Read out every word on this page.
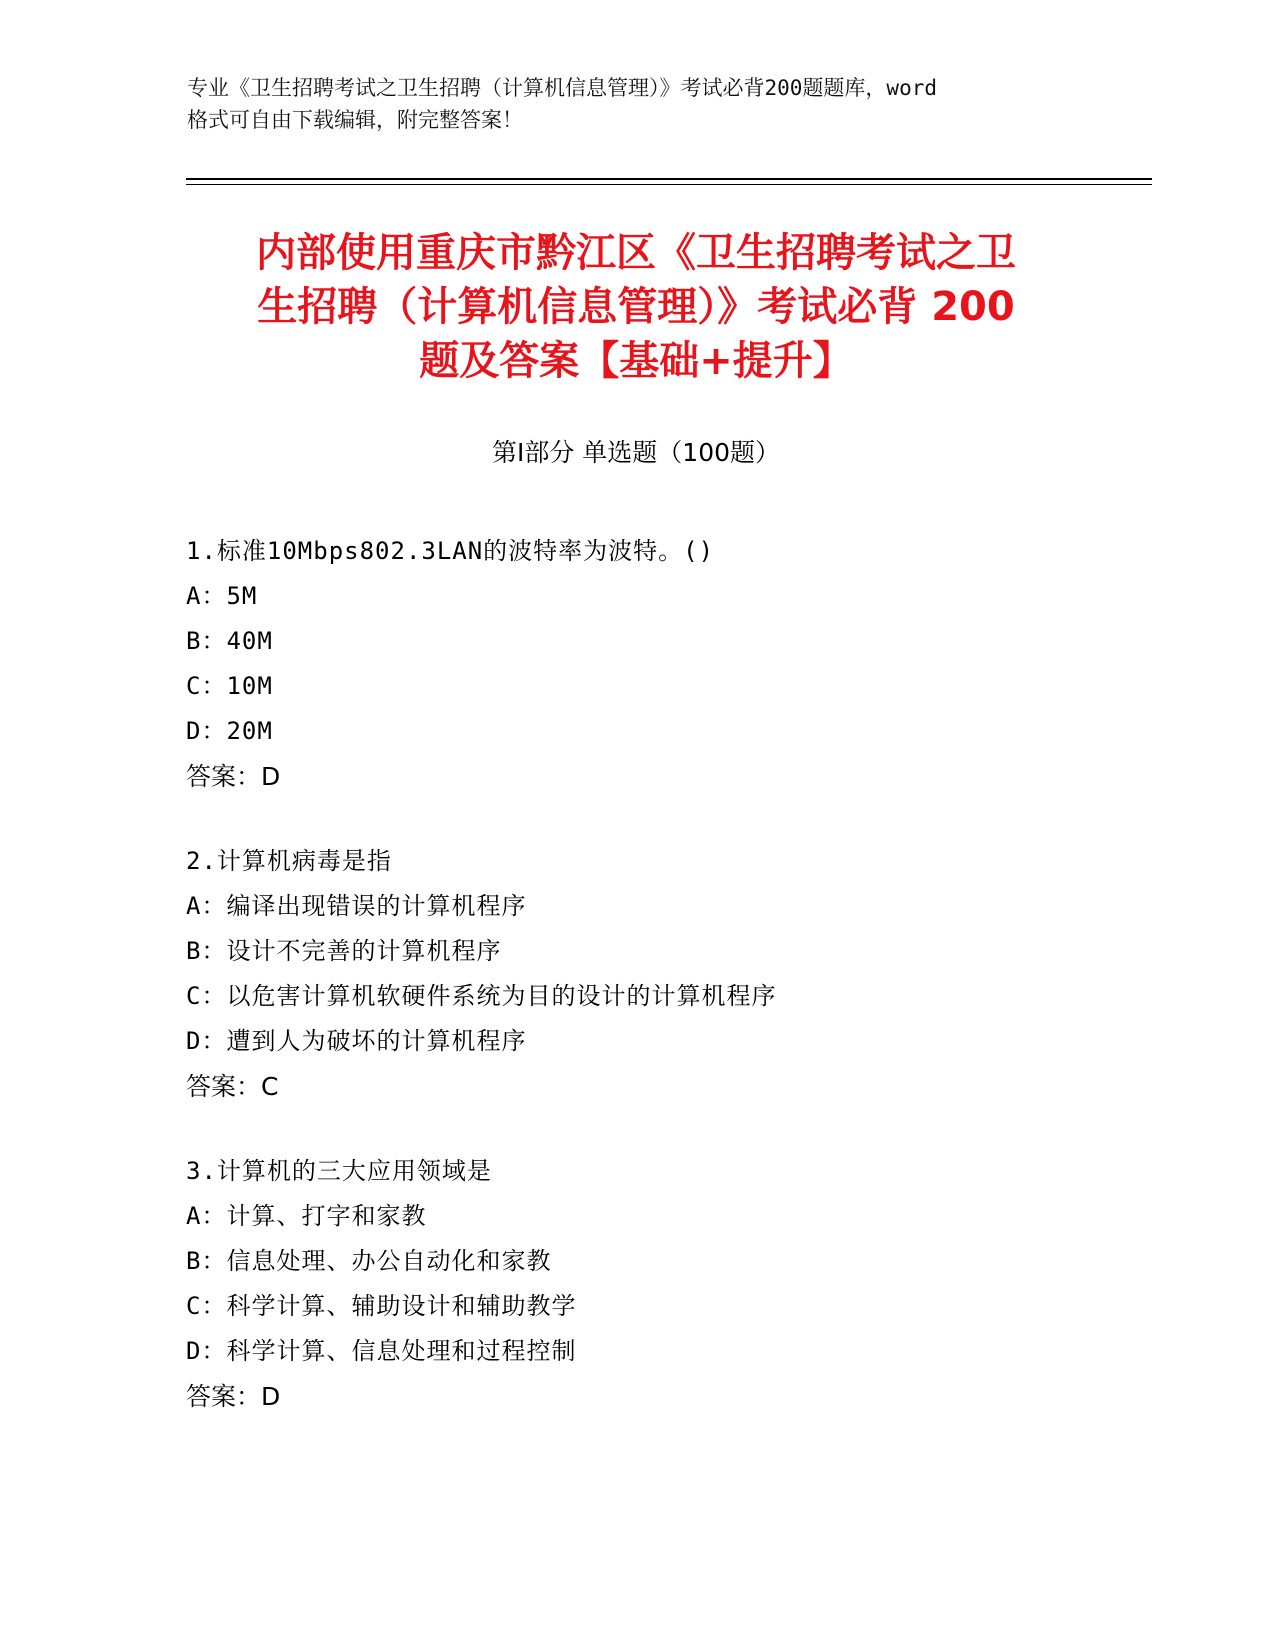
专业《卫生招聘考试之卫生招聘（计算机信息管理）》考试必背200题题库，word
格式可自由下载编辑，附完整答案！
内部使用重庆市黔江区《卫生招聘考试之卫
生招聘（计算机信息管理）》考试必背 200
题及答案【基础+提升】
第Ⅰ部分 单选题（100题）
1.标准10Mbps802.3LAN的波特率为波特。()
A：5M
B：40M
C：10M
D：20M
答案：D
2.计算机病毒是指
A：编译出现错误的计算机程序
B：设计不完善的计算机程序
C：以危害计算机软硬件系统为目的设计的计算机程序
D：遭到人为破坏的计算机程序
答案：C
3.计算机的三大应用领域是
A：计算、打字和家教
B：信息处理、办公自动化和家教
C：科学计算、辅助设计和辅助教学
D：科学计算、信息处理和过程控制
答案：D
